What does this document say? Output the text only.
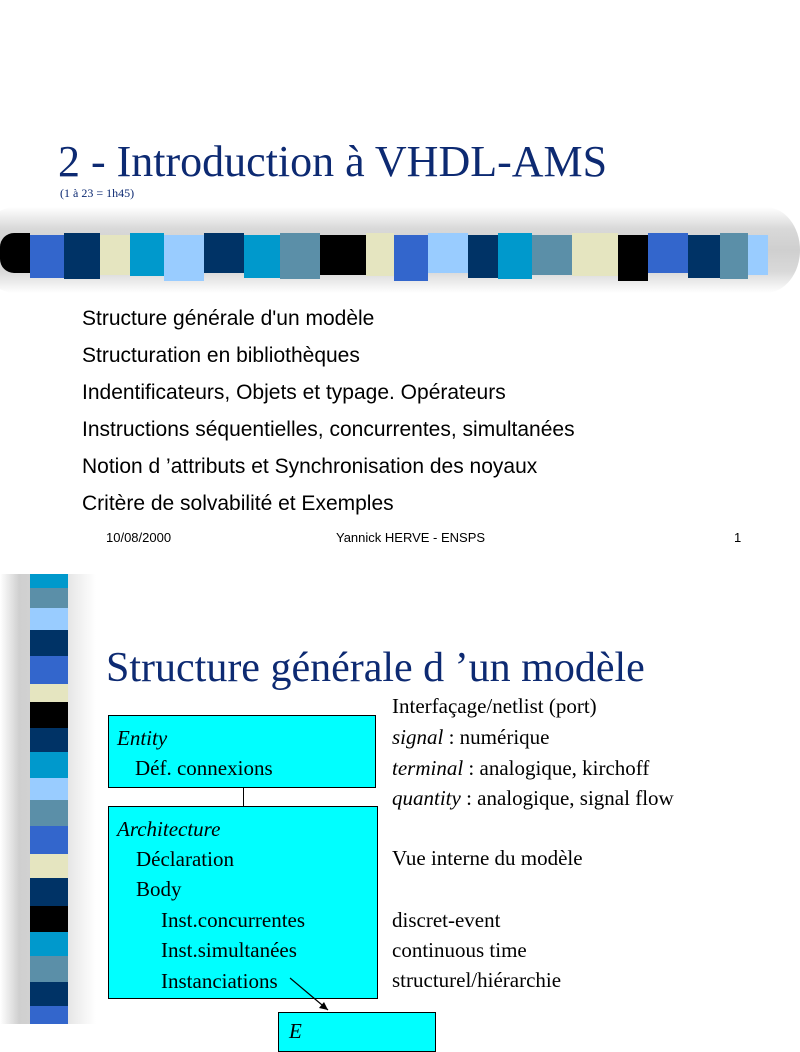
2 - Introduction à VHDL-AMS
(1 à 23 = 1h45)
Structure générale d'un modèle
Structuration en bibliothèques
Indentificateurs, Objets et typage. Opérateurs
Instructions séquentielles, concurrentes, simultanées
Notion d ’attributs et Synchronisation des noyaux
Critère de solvabilité et Exemples
10/08/2000	Yannick HERVE - ENSPS	1
Structure générale d ’un modèle
Entity
Déf. connexions
Architecture
Déclaration
Body
Inst.concurrentes
Inst.simultanées
Instanciations
E
Interfaçage/netlist (port)
signal : numérique
terminal : analogique, kirchoff
quantity : analogique, signal flow
Vue interne du modèle
discret-event
continuous time
structurel/hiérarchie
